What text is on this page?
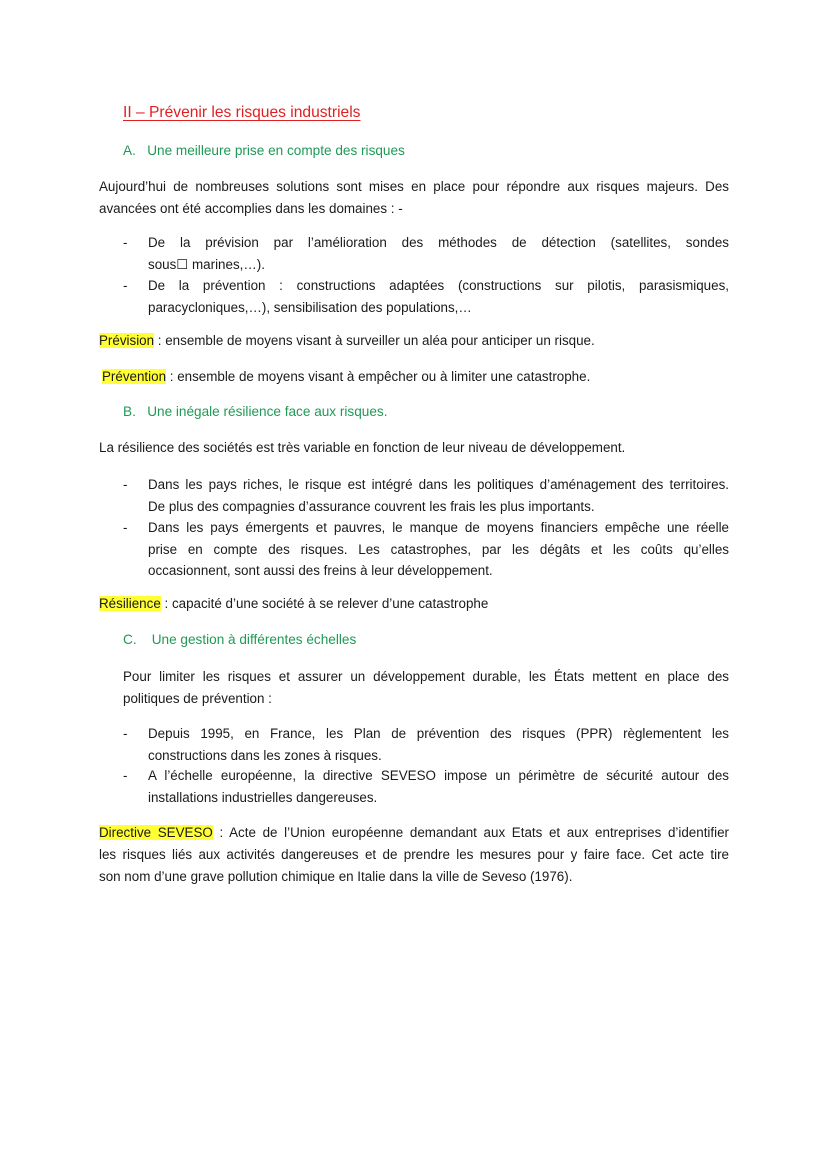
II – Prévenir les risques industriels
A. Une meilleure prise en compte des risques
Aujourd’hui de nombreuses solutions sont mises en place pour répondre aux risques majeurs. Des
avancées ont été accomplies dans les domaines : -
- De la prévision par l’amélioration des méthodes de détection (satellites, sondes
sous☐ marines,…).
- De la prévention : constructions adaptées (constructions sur pilotis, parasismiques,
paracycloniques,…), sensibilisation des populations,…
Prévision : ensemble de moyens visant à surveiller un aléa pour anticiper un risque.
Prévention : ensemble de moyens visant à empêcher ou à limiter une catastrophe.
B. Une inégale résilience face aux risques.
La résilience des sociétés est très variable en fonction de leur niveau de développement.
- Dans les pays riches, le risque est intégré dans les politiques d’aménagement des territoires.
De plus des compagnies d’assurance couvrent les frais les plus importants.
- Dans les pays émergents et pauvres, le manque de moyens financiers empêche une réelle
prise en compte des risques. Les catastrophes, par les dégâts et les coûts qu’elles
occasionnent, sont aussi des freins à leur développement.
Résilience : capacité d’une société à se relever d’une catastrophe
C. Une gestion à différentes échelles
Pour limiter les risques et assurer un développement durable, les États mettent en place des
politiques de prévention :
- Depuis 1995, en France, les Plan de prévention des risques (PPR) règlementent les
constructions dans les zones à risques.
- A l’échelle européenne, la directive SEVESO impose un périmètre de sécurité autour des
installations industrielles dangereuses.
Directive SEVESO : Acte de l’Union européenne demandant aux Etats et aux entreprises d’identifier
les risques liés aux activités dangereuses et de prendre les mesures pour y faire face. Cet acte tire
son nom d’une grave pollution chimique en Italie dans la ville de Seveso (1976).
